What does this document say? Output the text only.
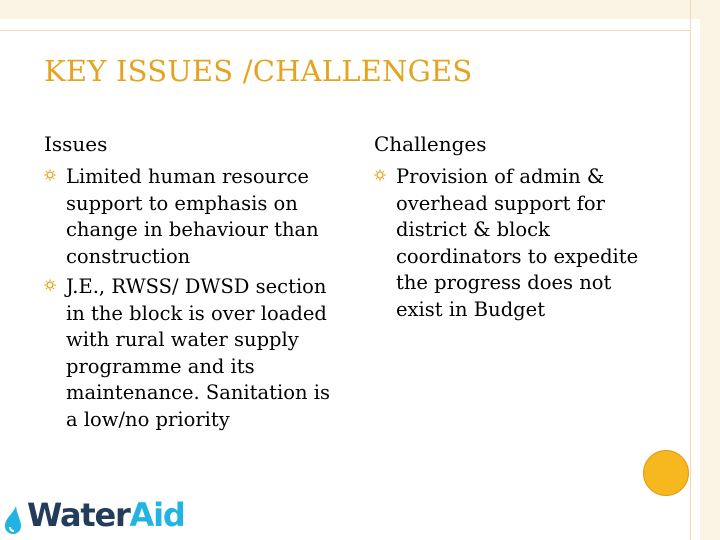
KEY ISSUES /CHALLENGES
Issues
Limited human resource support to emphasis on change in behaviour than construction
J.E., RWSS/ DWSD section in the block is over loaded with rural water supply programme and its maintenance. Sanitation is a low/no priority
Challenges
Provision of admin & overhead support for district & block coordinators to expedite the progress does not exist in Budget
WaterAid
